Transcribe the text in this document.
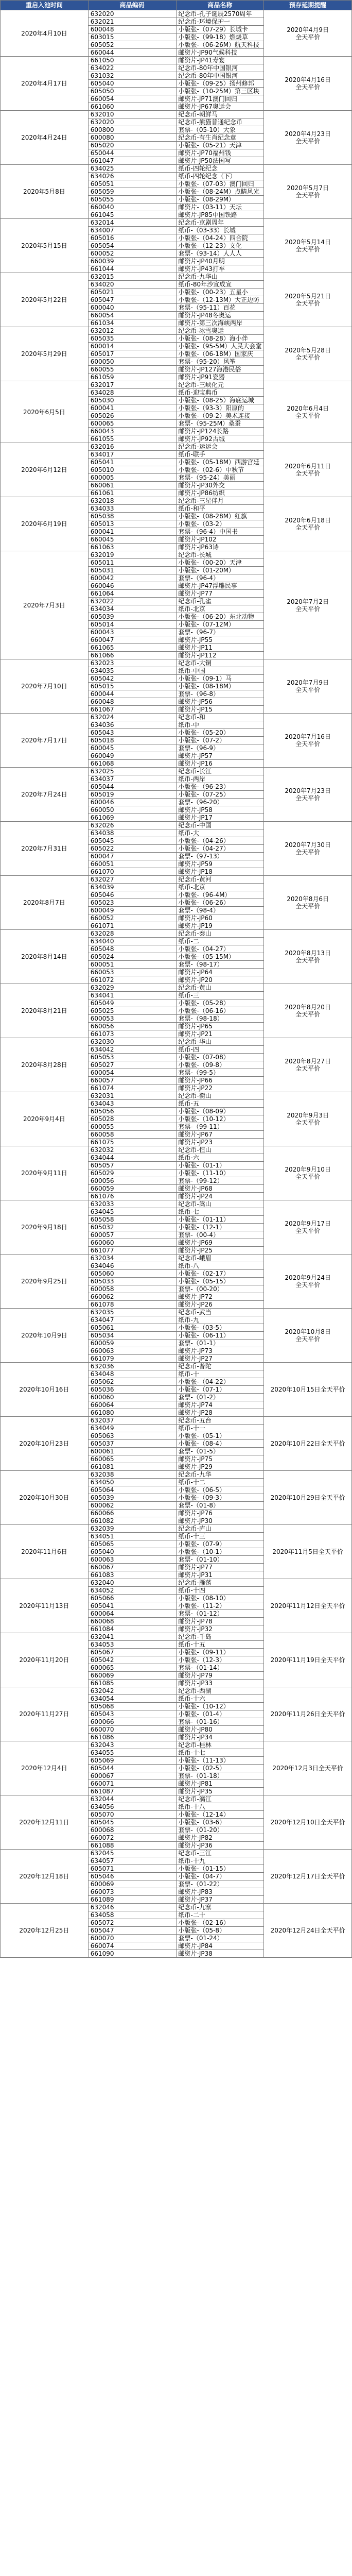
重启入池时间	商品编码	商品名称	预存延期提醒
2020年4月10日	632020	纪念币-孔子诞辰2570周年	2020年4月9日
全天平价
	632021	纪念币-环境保护一	
	600048	小版张-（07-29）长城卡	
	603015	小版张-（99-18）燃烧草	
	605052	小版张-（06-26M）航天科技	
	660044	邮资片-JP90气候科技	
2020年4月17日	661050	邮资片-JP41寿宴	2020年4月16日
全天平价
	634022	纪念币-80年中国银河	
	631032	纪念币-80年中国银河	
	605040	小版张-（09-25）扬州修邦	
	605050	小版张-（10-25M）第三区块	
	660054	邮资片-JP71澳门回归	
	661060	邮资片-JP67奥运会	
2020年4月24日	632010	纪念币-朝鲜马	2020年4月23日
全天平价
	632020	纪念币-熊猫普通纪念币	
	600800	套票-（05-10）大象	
	600080	纪念币-有生肖纪念章	
	605020	小版张-（05-21）天津	
	650044	邮资片-JP70福州钱	
	661047	邮资片-JP50法国写	
2020年5月8日	634025	纸币-四轮纪念	2020年5月7日
全天平价
	634026	纸币-四轮纪念（下）	
	605051	小版张-（07-03）澳门回归	
	605059	小版张-（08-24M）点睛风光	
	605055	小版张-（08-29M）	
	660040	邮资片-（03-11）天坛	
	661045	邮资片-JP85中国铁路	
2020年5月15日	632014	纪念币-京剧周年	2020年5月14日
全天平价
	634007	纸币-（03-33）长城	
	605016	小版张-（04-24）四合院	
	605054	小版张-（12-23）文化	
	600052	套票-（93-14）人人人	
	660039	邮资片-JP40月明	
	661044	邮资片-JP43打车	
2020年5月22日	632015	纪念币-九华山	2020年5月21日
全天平价
	634020	纸币-80年沙宣成宣	
	605021	小版张-（00-23）五星小	
	605047	小版张-（12-13M）大正边防	
	600040	套票-（95-11）百花	
	660054	邮资片-JP48冬奥运	
	661034	邮资片-第三次海峡两岸	
2020年5月29日	632012	纪念币-冰雪奥运	2020年5月28日
全天平价
	605035	小版张-（08-28）海小伴	
	600014	小版张-（95-5M）人民大会堂	
	605017	小版张-（06-18M）国家庆	
	600050	套票-（95-20）风筝	
	660055	邮资片-JP127海港民俗	
	661059	邮资片-JP91瓷器	
2020年6月5日	632017	纪念币-三峡化元	2020年6月4日
全天平价
	634028	纸币-迎宝典币	
	605030	小版张-（08-25）海底运城	
	600041	小版张-（93-3）阳原的	
	605026	小版张-（09-2）美术连接	
	600065	套票-（95-25M）桑蚕	
	660043	邮资片-JP124长路	
	661055	邮资片-JP92古城	
2020年6月12日	632016	纪念币-运运会	2020年6月11日
全天平价
	634017	纸币-联手	
	605041	小版张-（05-18M）西游宫廷	
	605010	小版张-（02-6）中秋节	
	600005	套票-（95-24）美丽	
	660061	邮资片-JP30外交	
	661061	邮资片-JP86纺织	
2020年6月19日	632018	纪念币-三星伴月	2020年6月18日
全天平价
	634033	纸币-和平	
	605038	小版张-（08-28M）红旗	
	605013	小版张-（03-2）	
	600041	套票-（96-4）中国书	
	660045	邮资片-JP102	
	661063	邮资片-JP63诗	
2020年7月3日	632019	纪念币-长城	2020年7月2日
全天平价
	605011	小版张-（00-20）天津	
	605031	小版张-（01-20M）	
	600042	套票-（96-4）	
	660046	邮资片-JP47浮雕民事	
	661064	邮资片-JP77	
	632022	纪念币-孔雀	
	634034	纸币-北京	
	605039	小版张-（06-20）东北动物	
	605014	小版张-（07-12M）	
	600043	套票-（96-7）	
	660047	邮资片-JP55	
	661065	邮资片-JP11	
	661066	邮资片-JP112	
2020年7月10日	632023	纪念币-大铜	2020年7月9日
全天平价
	634035	纸币-中国	
	605042	小版张-（09-1）马	
	605015	小版张-（08-18M）	
	600044	套票-（96-8）	
	660048	邮资片-JP56	
	661067	邮资片-JP15	
2020年7月17日	632024	纪念币-和	2020年7月16日
全天平价
	634036	纸币-中	
	605043	小版张-（05-20）	
	605018	小版张-（07-2）	
	600045	套票-（96-9）	
	660049	邮资片-JP57	
	661068	邮资片-JP16	
2020年7月24日	632025	纪念币-长江	2020年7月23日
全天平价
	634037	纸币-两岸	
	605044	小版张-（96-23）	
	605019	小版张-（07-25）	
	600046	套票-（96-20）	
	660050	邮资片-JP58	
	661069	邮资片-JP17	
2020年7月31日	632026	纪念币-中国	2020年7月30日
全天平价
	634038	纸币-大	
	605045	小版张-（04-26）	
	605022	小版张-（04-27）	
	600047	套票-（97-13）	
	660051	邮资片-JP59	
	661070	邮资片-JP18	
2020年8月7日	632027	纪念币-黄河	2020年8月6日
全天平价
	634039	纸币-北京	
	605046	小版张-（96-4M）	
	605023	小版张-（06-26）	
	600049	套票-（98-4）	
	660052	邮资片-JP60	
	661071	邮资片-JP19	
2020年8月14日	632028	纪念币-泰山	2020年8月13日
全天平价
	634040	纸币-二	
	605048	小版张-（04-27）	
	605024	小版张-（05-15M）	
	600051	套票-（98-17）	
	660053	邮资片-JP64	
	661072	邮资片-JP20	
2020年8月21日	632029	纪念币-黄山	2020年8月20日
全天平价
	634041	纸币-三	
	605049	小版张-（05-28）	
	605025	小版张-（06-16）	
	600053	套票-（98-18）	
	660056	邮资片-JP65	
	661073	邮资片-JP21	
2020年8月28日	632030	纪念币-华山	2020年8月27日
全天平价
	634042	纸币-四	
	605053	小版张-（07-08）	
	605027	小版张-（09-8）	
	600054	套票-（99-5）	
	660057	邮资片-JP66	
	661074	邮资片-JP22	
2020年9月4日	632031	纪念币-衡山	2020年9月3日
全天平价
	634043	纸币-五	
	605056	小版张-（08-09）	
	605028	小版张-（10-12）	
	600055	套票-（99-11）	
	660058	邮资片-JP67	
	661075	邮资片-JP23	
2020年9月11日	632032	纪念币-恒山	2020年9月10日
全天平价
	634044	纸币-六	
	605057	小版张-（01-1）	
	605029	小版张-（11-10）	
	600056	套票-（99-12）	
	660059	邮资片-JP68	
	661076	邮资片-JP24	
2020年9月18日	632033	纪念币-嵩山	2020年9月17日
全天平价
	634045	纸币-七	
	605058	小版张-（01-11）	
	605032	小版张-（12-1）	
	600057	套票-（00-4）	
	660060	邮资片-JP69	
	661077	邮资片-JP25	
2020年9月25日	632034	纪念币-峨眉	2020年9月24日
全天平价
	634046	纸币-八	
	605060	小版张-（02-17）	
	605033	小版张-（05-15）	
	600058	套票-（00-20）	
	660062	邮资片-JP72	
	661078	邮资片-JP26	
2020年10月9日	632035	纪念币-武当	2020年10月8日
全天平价
	634047	纸币-九	
	605061	小版张-（03-5）	
	605034	小版张-（06-11）	
	600059	套票-（01-1）	
	660063	邮资片-JP73	
	661079	邮资片-JP27	
2020年10月16日	632036	纪念币-普陀	2020年10月15日全天平价
	634048	纸币-十	
	605062	小版张-（04-22）	
	605036	小版张-（07-1）	
	600060	套票-（01-2）	
	660064	邮资片-JP74	
	661080	邮资片-JP28	
2020年10月23日	632037	纪念币-五台	2020年10月22日全天平价
	634049	纸币-十一	
	605063	小版张-（05-1）	
	605037	小版张-（08-4）	
	600061	套票-（01-5）	
	660065	邮资片-JP75	
	661081	邮资片-JP29	
2020年10月30日	632038	纪念币-九华	2020年10月29日全天平价
	634050	纸币-十二	
	605064	小版张-（06-5）	
	605039	小版张-（09-3）	
	600062	套票-（01-8）	
	660066	邮资片-JP76	
	661082	邮资片-JP30	
2020年11月6日	632039	纪念币-庐山	2020年11月5日全天平价
	634051	纸币-十三	
	605065	小版张-（07-9）	
	605040	小版张-（10-1）	
	600063	套票-（01-10）	
	660067	邮资片-JP77	
	661083	邮资片-JP31	
2020年11月13日	632040	纪念币-雁荡	2020年11月12日全天平价
	634052	纸币-十四	
	605066	小版张-（08-10）	
	605041	小版张-（11-2）	
	600064	套票-（01-12）	
	660068	邮资片-JP78	
	661084	邮资片-JP32	
2020年11月20日	632041	纪念币-千岛	2020年11月19日全天平价
	634053	纸币-十五	
	605067	小版张-（09-11）	
	605042	小版张-（12-3）	
	600065	套票-（01-14）	
	660069	邮资片-JP79	
	661085	邮资片-JP33	
2020年11月27日	632042	纪念币-西湖	2020年11月26日全天平价
	634054	纸币-十六	
	605068	小版张-（10-12）	
	605043	小版张-（01-4）	
	600066	套票-（01-16）	
	660070	邮资片-JP80	
	661086	邮资片-JP34	
2020年12月4日	632043	纪念币-桂林	2020年12月3日全天平价
	634055	纸币-十七	
	605069	小版张-（11-13）	
	605044	小版张-（02-5）	
	600067	套票-（01-18）	
	660071	邮资片-JP81	
	661087	邮资片-JP35	
2020年12月11日	632044	纪念币-漓江	2020年12月10日全天平价
	634056	纸币-十八	
	605070	小版张-（12-14）	
	605045	小版张-（03-6）	
	600068	套票-（01-20）	
	660072	邮资片-JP82	
	661088	邮资片-JP36	
2020年12月18日	632045	纪念币-三江	2020年12月17日全天平价
	634057	纸币-十九	
	605071	小版张-（01-15）	
	605046	小版张-（04-7）	
	600069	套票-（01-22）	
	660073	邮资片-JP83	
	661089	邮资片-JP37	
2020年12月25日	632046	纪念币-九寨	2020年12月24日全天平价
	634058	纸币-二十	
	605072	小版张-（02-16）	
	605047	小版张-（05-8）	
	600070	套票-（01-24）	
	660074	邮资片-JP84	
	661090	邮资片-JP38	
